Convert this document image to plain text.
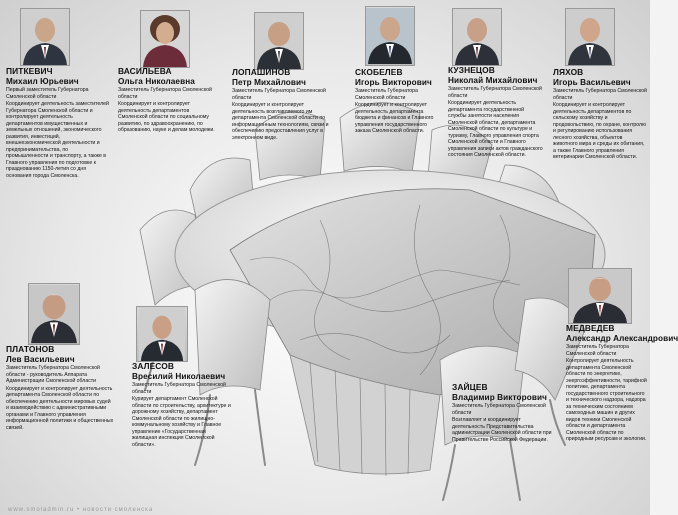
ПИТКЕВИЧ
Михаил Юрьевич
Первый заместитель Губернатора Смоленской области
Координирует деятельность заместителей Губернатора Смоленской области и контролирует деятельность департаментов имущественных и земельных отношений, экономического развития, инвестиций, внешнеэкономической деятельности и предпринимательства, по промышленности и транспорту, а также в Главного управления по подготовке к празднованию 1150-летия со дня основания города Смоленска.
ВАСИЛЬЕВА
Ольга Николаевна
Заместитель Губернатора Смоленской области
Координирует и контролирует деятельность департаментов Смоленской области по социальному развитию, по здравоохранению, по образованию, науке и делам молодежи.
ЛОПАШИНОВ
Петр Михайлович
Заместитель Губернатора Смоленской области
Координирует и контролирует деятельность возглавляемого им департамента Смоленской области по информационным технологиям, связи и обеспечению предоставления услуг в электронном виде.
СКОБЕЛЕВ
Игорь Викторович
Заместитель Губернатора Смоленской области
Координирует и контролирует деятельность департамента бюджета и финансов и Главного управления государственного заказа Смоленской области.
КУЗНЕЦОВ
Николай Михайлович
Заместитель Губернатора Смоленской области
Координирует деятельность департамента государственной службы занятости населения Смоленской области, департамента Смоленской области по культуре и туризму, Главного управления спорта Смоленской области и Главного управления записи актов гражданского состояния Смоленской области.
ЛЯХОВ
Игорь Васильевич
Заместитель Губернатора Смоленской области
Координирует и контролирует деятельность департаментов по сельскому хозяйству и продовольствию, по охране, контролю и регулированию использования лесного хозяйства, объектов животного мира и среды их обитания, а также Главного управления ветеринарии Смоленской области.
ПЛАТОНОВ
Лев Васильевич
Заместитель Губернатора Смоленской области - руководитель Аппарата Администрации Смоленской области
Координирует и контролирует деятельность департамента Смоленской области по обеспечению деятельности мировых судей и взаимодействию с административными органами и Главного управления информационной политики и общественных связей.
ЗАЛЕСОВ
Вресилий Николаевич
Заместитель Губернатора Смоленской области
Курирует департамент Смоленской области по строительству, архитектуре и дорожному хозяйству, департамент Смоленской области по жилищно-коммунальному хозяйству и Главное управление «Государственная жилищная инспекция Смоленской области».
ЗАЙЦЕВ
Владимир Викторович
Заместитель Губернатора Смоленской области
Возглавляет и координирует деятельность Представительства администрации Смоленской области при Правительстве Российской Федерации.
МЕДВЕДЕВ
Александр Александрович
Заместитель Губернатора Смоленской области
Контролирует деятельность департамента Смоленской области по энергетике, энергоэффективности, тарифной политике, департамента государственного строительного и технического надзора, надзора за техническим состоянием самоходных машин и других видов техники Смоленской области и департамента Смоленской области по природным ресурсам и экологии.
www.smoladmin.ru • новости смоленска
